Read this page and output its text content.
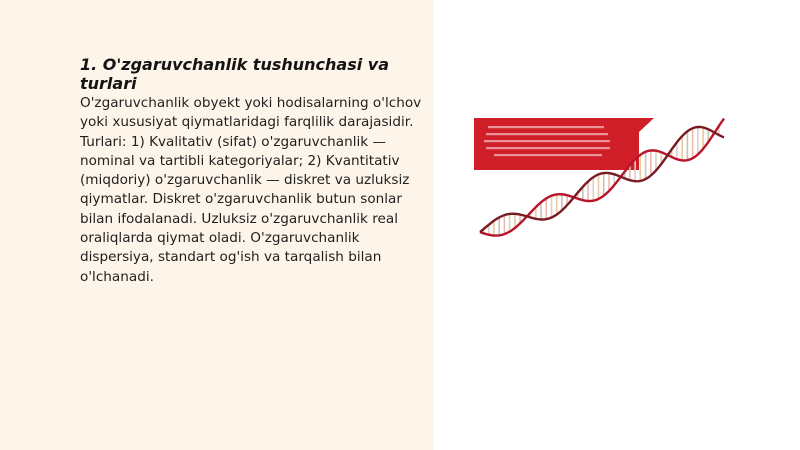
1. O'zgaruvchanlik tushunchasi va turlari

O'zgaruvchanlik obyekt yoki hodisalarning o'lchov yoki xususiyat qiymatlaridagi farqlilik darajasidir. Turlari: 1) Kvalitativ (sifat) o'zgaruvchanlik — nominal va tartibli kategoriyalar; 2) Kvantitativ (miqdoriy) o'zgaruvchanlik — diskret va uzluksiz qiymatlar. Diskret o'zgaruvchanlik butun sonlar bilan ifodalanadi. Uzluksiz o'zgaruvchanlik real oraliqlarda qiymat oladi. O'zgaruvchanlik dispersiya, standart og'ish va tarqalish bilan o'lchanadi.
